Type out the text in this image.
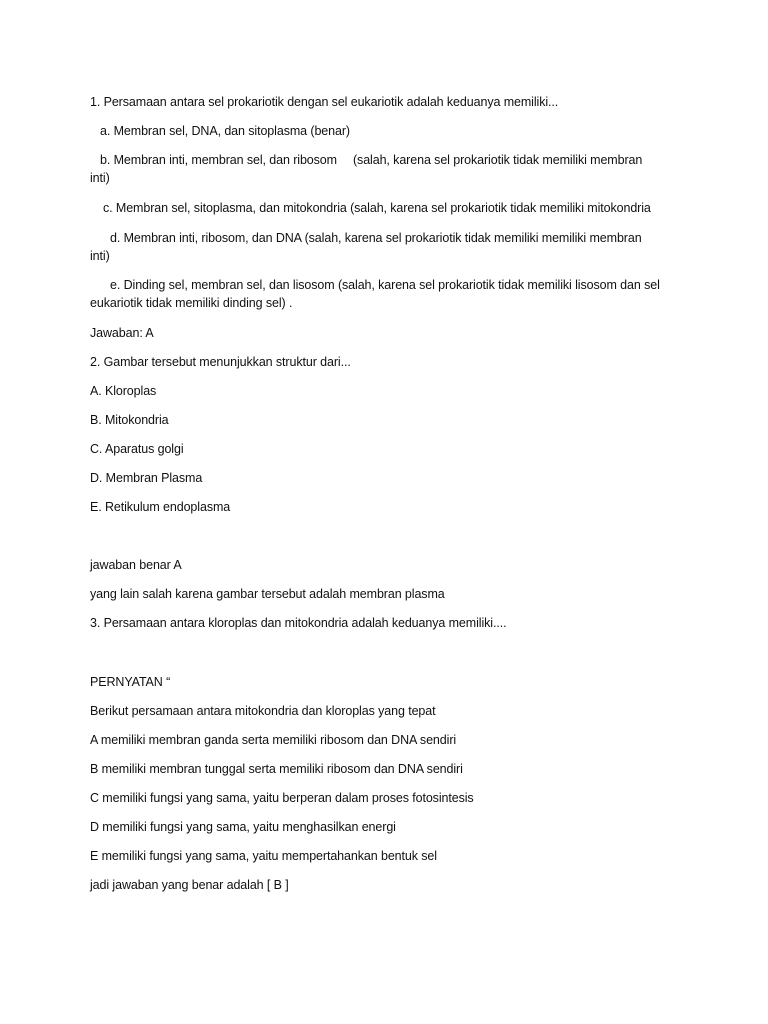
1. Persamaan antara sel prokariotik dengan sel eukariotik adalah keduanya memiliki...
a. Membran sel, DNA, dan sitoplasma (benar)
b. Membran inti, membran sel, dan ribosom (salah, karena sel prokariotik tidak memiliki membran
inti)
c. Membran sel, sitoplasma, dan mitokondria (salah, karena sel prokariotik tidak memiliki mitokondria
d. Membran inti, ribosom, dan DNA (salah, karena sel prokariotik tidak memiliki memiliki membran
inti)
e. Dinding sel, membran sel, dan lisosom (salah, karena sel prokariotik tidak memiliki lisosom dan sel
eukariotik tidak memiliki dinding sel) .
Jawaban: A
2. Gambar tersebut menunjukkan struktur dari...
A. Kloroplas
B. Mitokondria
C. Aparatus golgi
D. Membran Plasma
E. Retikulum endoplasma
jawaban benar A
yang lain salah karena gambar tersebut adalah membran plasma
3. Persamaan antara kloroplas dan mitokondria adalah keduanya memiliki....
PERNYATAN “
Berikut persamaan antara mitokondria dan kloroplas yang tepat
A memiliki membran ganda serta memiliki ribosom dan DNA sendiri
B memiliki membran tunggal serta memiliki ribosom dan DNA sendiri
C memiliki fungsi yang sama, yaitu berperan dalam proses fotosintesis
D memiliki fungsi yang sama, yaitu menghasilkan energi
E memiliki fungsi yang sama, yaitu mempertahankan bentuk sel
jadi jawaban yang benar adalah [ B ]
